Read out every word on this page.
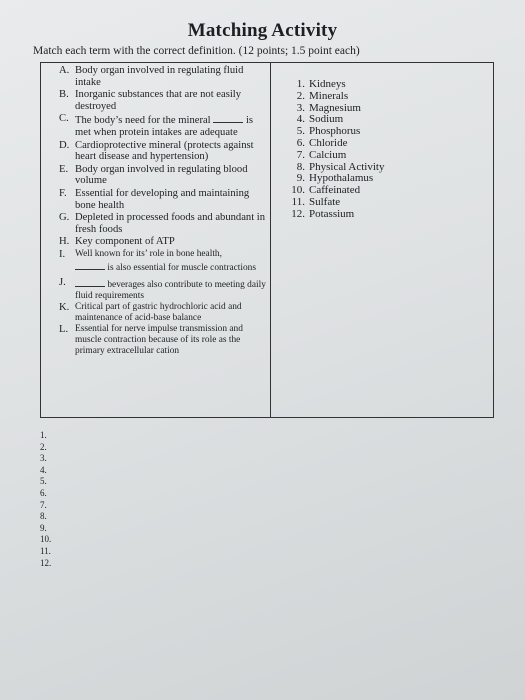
Matching Activity
Match each term with the correct definition. (12 points; 1.5 point each)
A. Body organ involved in regulating fluid intake
B. Inorganic substances that are not easily destroyed
C. The body’s need for the mineral	is met when protein intakes are adequate
D. Cardioprotective mineral (protects against heart disease and hypertension)
E. Body organ involved in regulating blood volume
F. Essential for developing and maintaining bone health
G. Depleted in processed foods and abundant in fresh foods
H. Key component of ATP
I.	Well known for its’ role in bone health,
is also essential for muscle contractions
J.	beverages also contribute to meeting daily fluid requirements
K. Critical part of gastric hydrochloric acid and maintenance of acid-base balance
L. Essential for nerve impulse transmission and muscle contraction because of its role as the primary extracellular cation
1. Kidneys
2. Minerals
3. Magnesium
4. Sodium
5. Phosphorus
6. Chloride
7. Calcium
8. Physical Activity
9. Hypothalamus
10. Caffeinated
11. Sulfate
12. Potassium
1.
2.
3.
4.
5.
6.
7.
8.
9.
10.
11.
12.
